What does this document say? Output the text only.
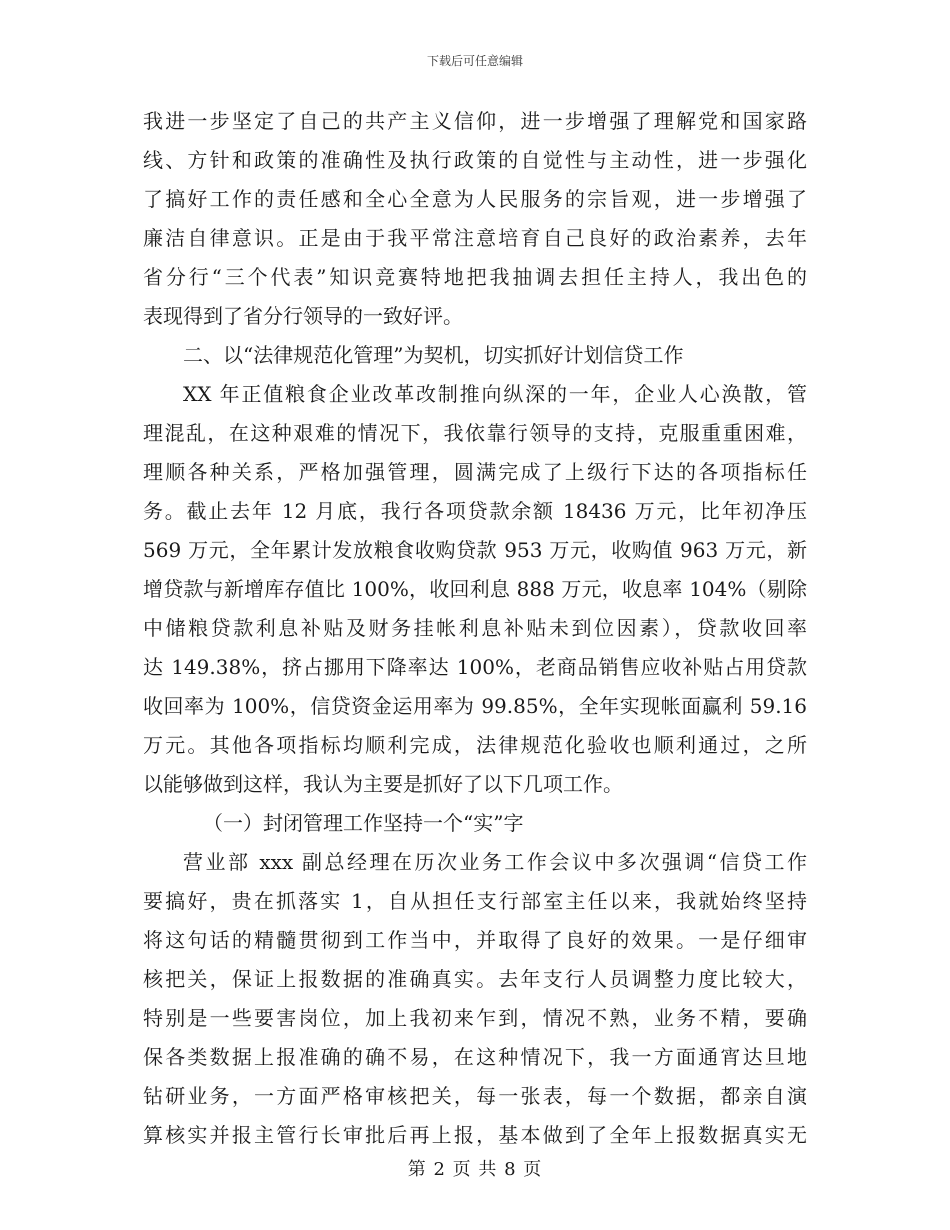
下载后可任意编辑
我进一步坚定了自己的共产主义信仰，进一步增强了理解党和国家路
线、方针和政策的准确性及执行政策的自觉性与主动性，进一步强化
了搞好工作的责任感和全心全意为人民服务的宗旨观，进一步增强了
廉洁自律意识。正是由于我平常注意培育自己良好的政治素养，去年
省分行“三个代表”知识竞赛特地把我抽调去担任主持人，我出色的
表现得到了省分行领导的一致好评。
二、以“法律规范化管理”为契机，切实抓好计划信贷工作
XX 年正值粮食企业改革改制推向纵深的一年，企业人心涣散，管
理混乱，在这种艰难的情况下，我依靠行领导的支持，克服重重困难，
理顺各种关系，严格加强管理，圆满完成了上级行下达的各项指标任
务。截止去年 12 月底，我行各项贷款余额 18436 万元，比年初净压
569 万元，全年累计发放粮食收购贷款 953 万元，收购值 963 万元，新
增贷款与新增库存值比 100%，收回利息 888 万元，收息率 104%（剔除
中储粮贷款利息补贴及财务挂帐利息补贴未到位因素），贷款收回率
达 149.38%，挤占挪用下降率达 100%，老商品销售应收补贴占用贷款
收回率为 100%，信贷资金运用率为 99.85%，全年实现帐面赢利 59.16
万元。其他各项指标均顺利完成，法律规范化验收也顺利通过，之所
以能够做到这样，我认为主要是抓好了以下几项工作。
（一）封闭管理工作坚持一个“实”字
营业部 xxx 副总经理在历次业务工作会议中多次强调“信贷工作
要搞好，贵在抓落实 1，自从担任支行部室主任以来，我就始终坚持
将这句话的精髓贯彻到工作当中，并取得了良好的效果。一是仔细审
核把关，保证上报数据的准确真实。去年支行人员调整力度比较大，
特别是一些要害岗位，加上我初来乍到，情况不熟，业务不精，要确
保各类数据上报准确的确不易，在这种情况下，我一方面通宵达旦地
钻研业务，一方面严格审核把关，每一张表，每一个数据，都亲自演
算核实并报主管行长审批后再上报，基本做到了全年上报数据真实无
第 2 页 共 8 页
